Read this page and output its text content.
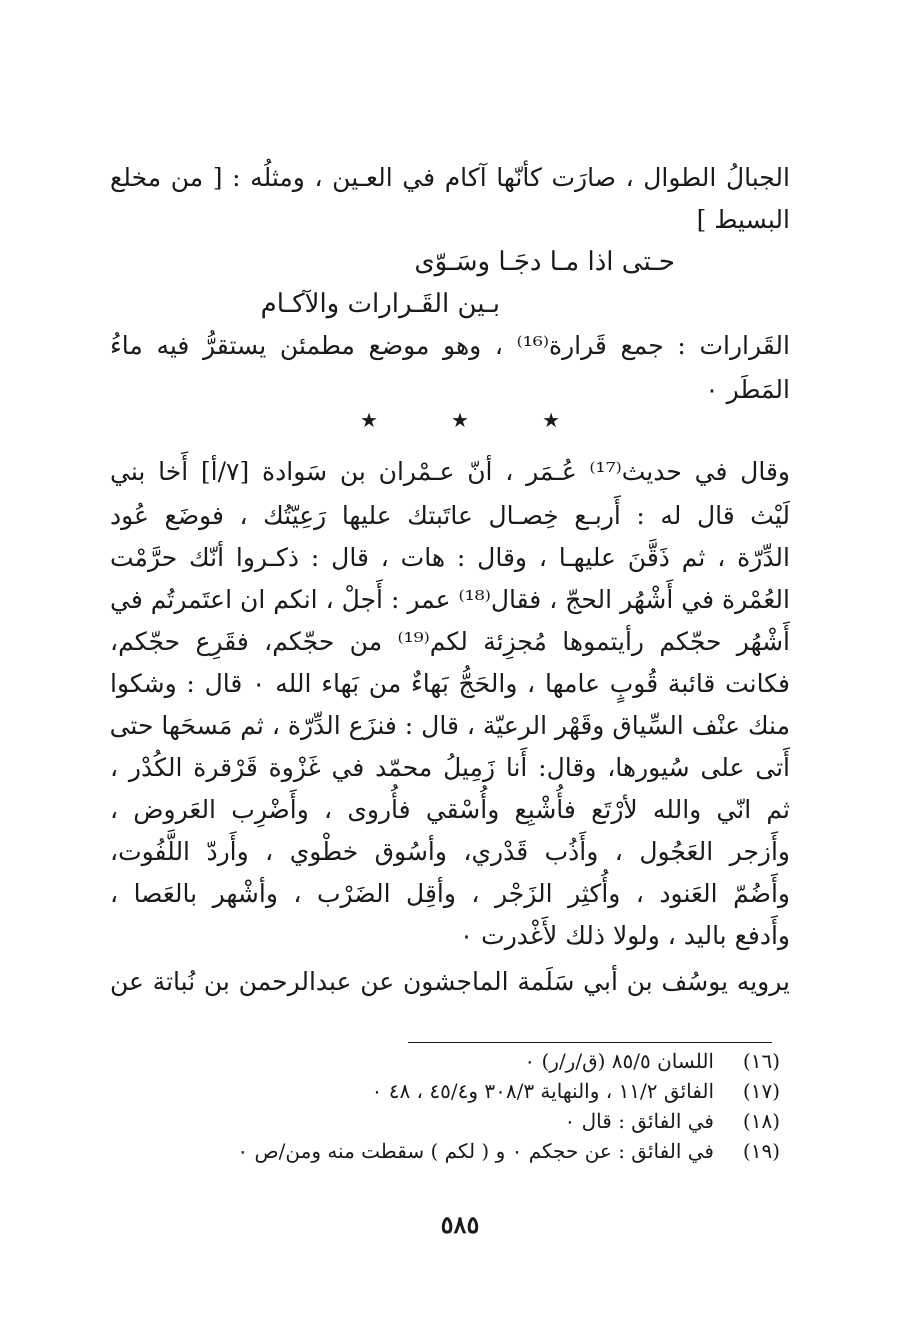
الجبالُ الطوال ، صارَت كأنّها آكام في العـين ، ومثلُه : [ من مخلع
البسيط ]
حـتى اذا مـا دجَـا وسَـوّى
بـين القَـرارات والآكـام
القَرارات : جمع قَرارة⁽¹⁶⁾ ، وهو موضع مطمئن يستقرُّ فيه ماءُ
المَطَر ٠
★	★	★
وقال في حديث⁽¹⁷⁾ عُـمَر ، أنّ عـمْران بن سَوادة [٧/أ] أَخا بني
لَيْث قال له : أَربـع خِصـال عاتَبتك عليها رَعِيّتُك ، فوضَع عُود
الدِّرّة ، ثم ذَقَّنَ عليهـا ، وقال : هات ، قال : ذكـروا أنّك حرَّمْت
العُمْرة في أَشْهُر الحجّ ، فقال⁽¹⁸⁾ عمر : أَجلْ ، انكم ان اعتَمرتُم في
أَشْهُر حجّكم رأيتموها مُجزِئة لكم⁽¹⁹⁾ من حجّكم، فقَرِع حجّكم،
فكانت قائبة قُوبٍ عامها ، والحَجُّ بَهاءٌ من بَهاء الله ٠ قال : وشكوا
منك عنْف السِّياق وقَهْر الرعيّة ، قال : فنزَع الدِّرّة ، ثم مَسحَها حتى
أَتى على سُيورها، وقال: أَنا زَمِيلُ محمّد في غَزْوة قَرْقرة الكُدْر ،
ثم انّي والله لأرْتَع فأُشْبِع وأُسْقي فأُروى ، وأَضْرِب العَروض ،
وأَزجر العَجُول ، وأَذُب قَدْري، وأسُوق خطْوي ، وأَردّ اللَّفُوت،
وأَضُمّ العَنود ، وأُكثِر الزَجْر ، وأقِل الضَرْب ، وأشْهر بالعَصا ،
وأَدفع باليد ، ولولا ذلك لأَغْدرت ٠
يرويه يوسُف بن أبي سَلَمة الماجشون عن عبدالرحمن بن نُباتة عن
(١٦)
اللسان ٨٥/٥ (ق/ر/ر) ٠
(١٧)
الفائق ١١/٢ ، والنهاية ٣٠٨/٣ و٤٥/٤ ، ٤٨ ٠
(١٨)
في الفائق : قال ٠
(١٩)
في الفائق : عن حجكم ٠ و ( لكم ) سقطت منه ومن/ص ٠
٥٨٥
